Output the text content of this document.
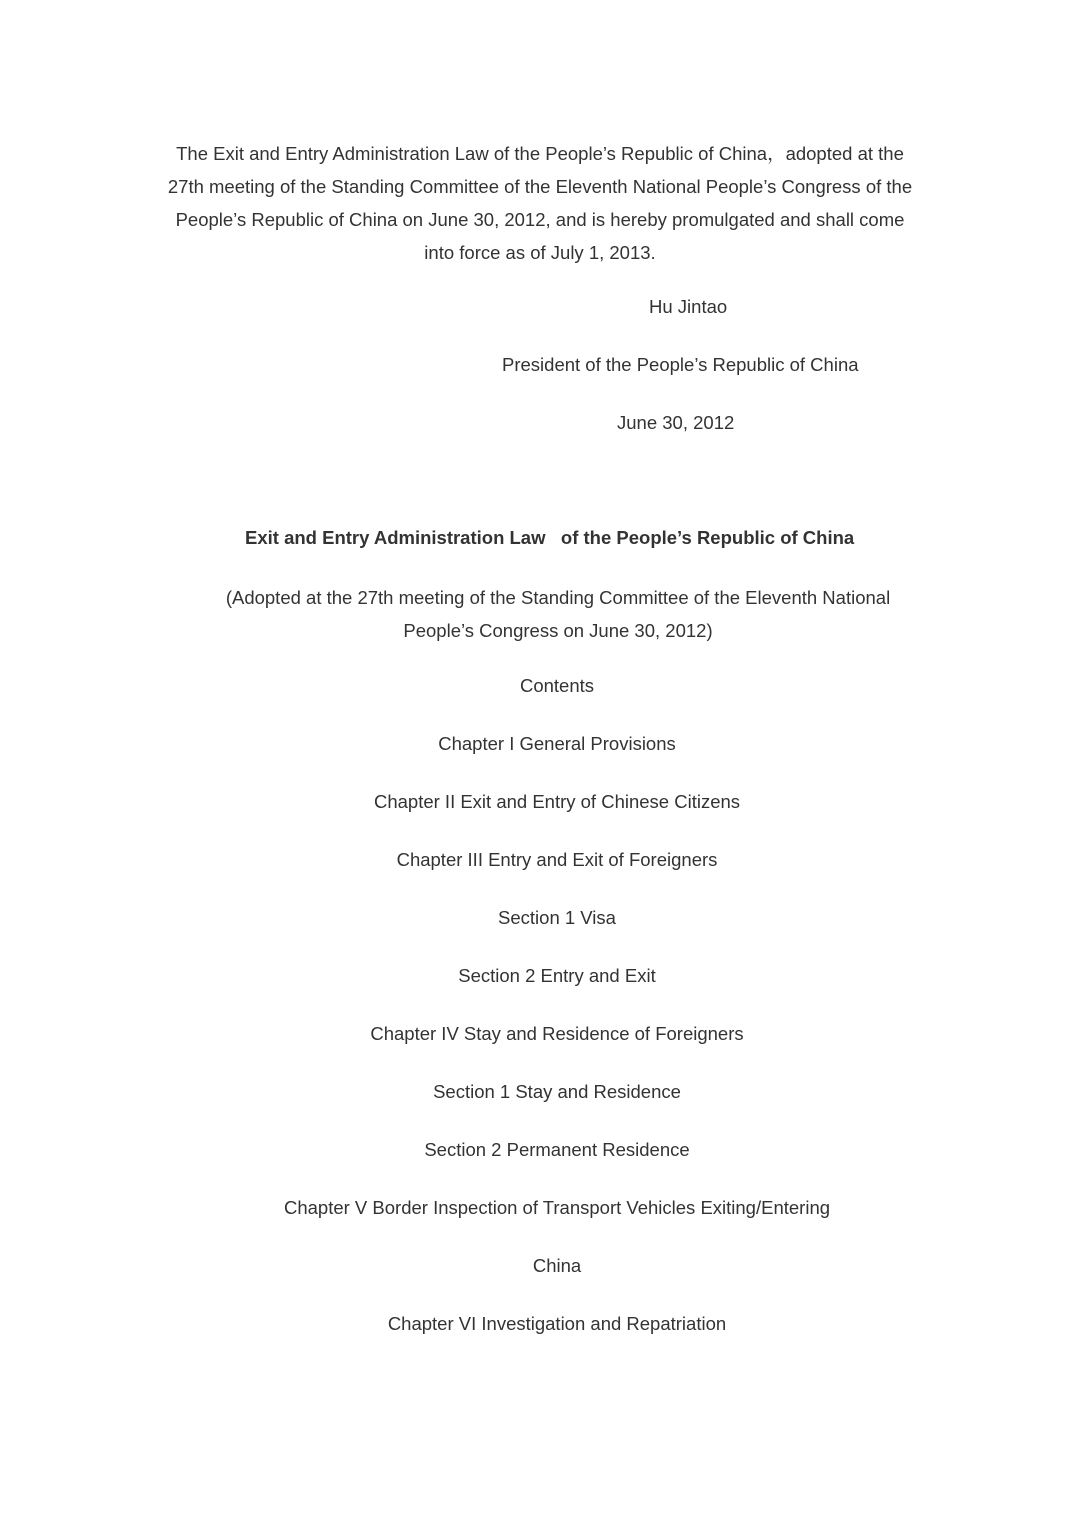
The Exit and Entry Administration Law of the People’s Republic of China，adopted at the 27th meeting of the Standing Committee of the Eleventh National People’s Congress of the People’s Republic of China on June 30, 2012, and is hereby promulgated and shall come into force as of July 1, 2013.

Hu Jintao

President of the People’s Republic of China

June 30, 2012

Exit and Entry Administration Law   of the People’s Republic of China

(Adopted at the 27th meeting of the Standing Committee of the Eleventh National People’s Congress on June 30, 2012)

Contents
Chapter I General Provisions
Chapter II Exit and Entry of Chinese Citizens
Chapter III Entry and Exit of Foreigners
Section 1 Visa
Section 2 Entry and Exit
Chapter IV Stay and Residence of Foreigners
Section 1 Stay and Residence
Section 2 Permanent Residence
Chapter V Border Inspection of Transport Vehicles Exiting/Entering
China
Chapter VI Investigation and Repatriation
